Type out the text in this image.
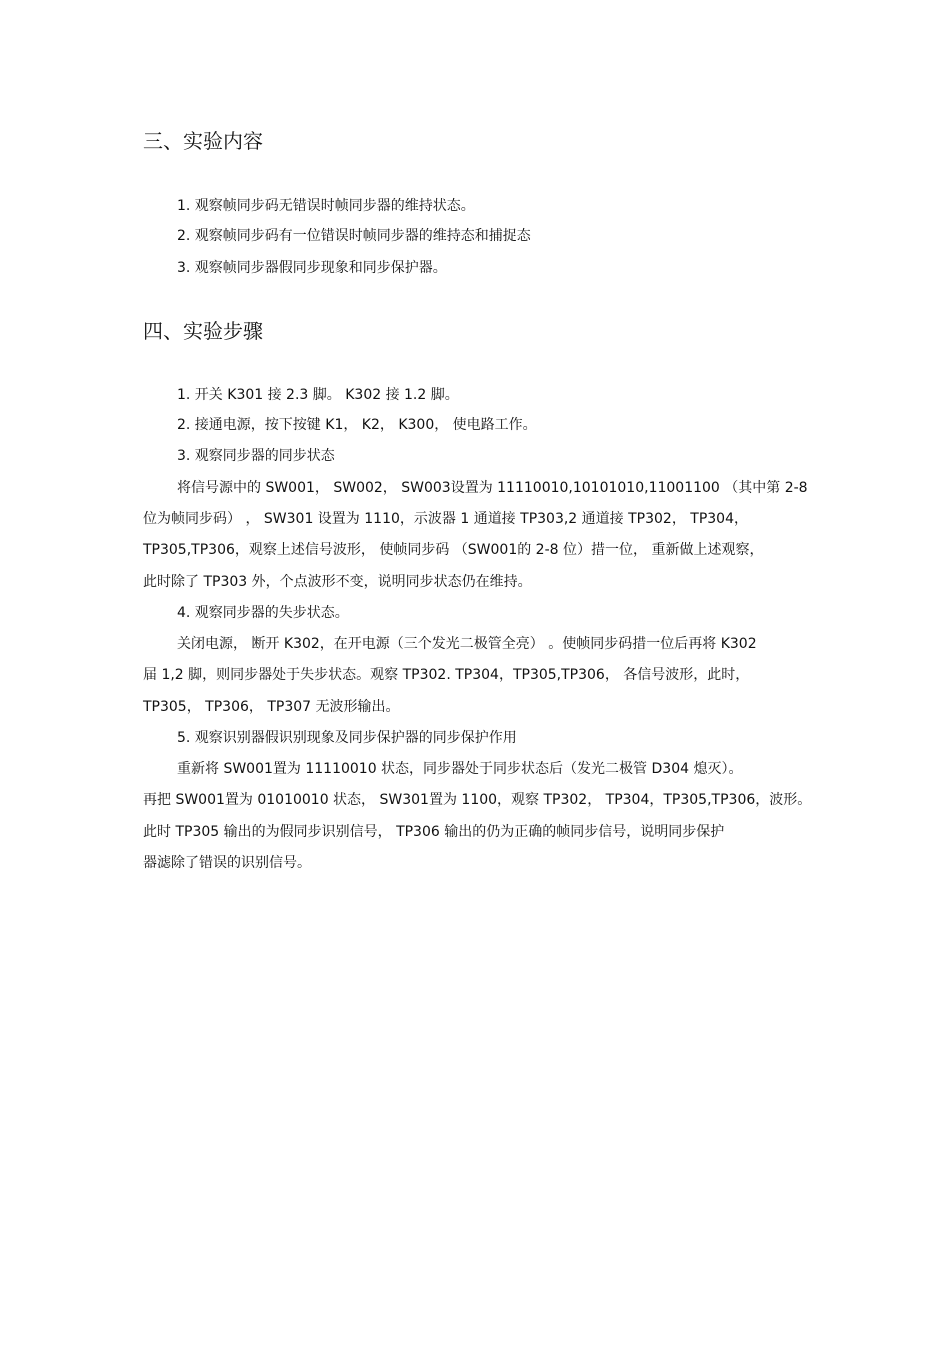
三、实验内容
1. 观察帧同步码无错误时帧同步器的维持状态。
2. 观察帧同步码有一位错误时帧同步器的维持态和捕捉态
3. 观察帧同步器假同步现象和同步保护器。
四、实验步骤
1. 开关 K301 接 2.3 脚。 K302 接 1.2 脚。
2. 接通电源，按下按键 K1， K2， K300， 使电路工作。
3. 观察同步器的同步状态
将信号源中的 SW001， SW002， SW003设置为 11110010,10101010,11001100 （其中第 2-8
位为帧同步码） ， SW301 设置为 1110，示波器 1 通道接 TP303,2 通道接 TP302， TP304，
TP305,TP306，观察上述信号波形， 使帧同步码 （SW001的 2-8 位）措一位， 重新做上述观察，
此时除了 TP303 外，个点波形不变，说明同步状态仍在维持。
4. 观察同步器的失步状态。
关闭电源， 断开 K302，在开电源（三个发光二极管全亮） 。使帧同步码措一位后再将 K302
届 1,2 脚，则同步器处于失步状态。观察 TP302. TP304，TP305,TP306， 各信号波形，此时，
TP305， TP306， TP307 无波形输出。
5. 观察识别器假识别现象及同步保护器的同步保护作用
重新将 SW001置为 11110010 状态，同步器处于同步状态后（发光二极管 D304 熄灭）。
再把 SW001置为 01010010 状态， SW301置为 1100，观察 TP302， TP304，TP305,TP306，波形。
此时 TP305 输出的为假同步识别信号， TP306 输出的仍为正确的帧同步信号，说明同步保护
器滤除了错误的识别信号。
